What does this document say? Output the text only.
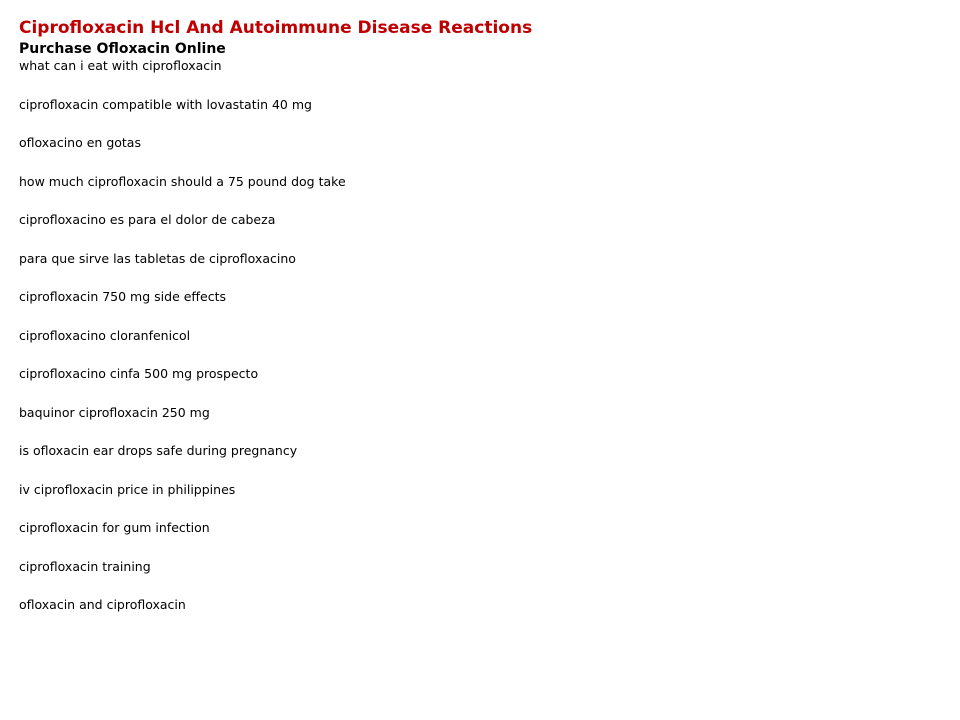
Ciprofloxacin Hcl And Autoimmune Disease Reactions
Purchase Ofloxacin Online
what can i eat with ciprofloxacin
ciprofloxacin compatible with lovastatin 40 mg
ofloxacino en gotas
how much ciprofloxacin should a 75 pound dog take
ciprofloxacino es para el dolor de cabeza
para que sirve las tabletas de ciprofloxacino
ciprofloxacin 750 mg side effects
ciprofloxacino cloranfenicol
ciprofloxacino cinfa 500 mg prospecto
baquinor ciprofloxacin 250 mg
is ofloxacin ear drops safe during pregnancy
iv ciprofloxacin price in philippines
ciprofloxacin for gum infection
ciprofloxacin training
ofloxacin and ciprofloxacin
